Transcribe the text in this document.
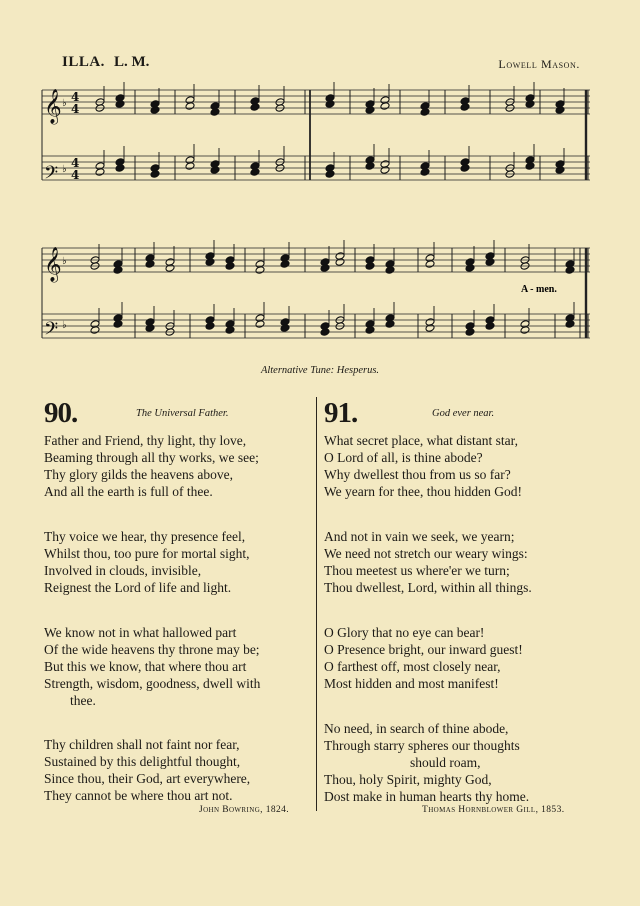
ILLA. L. M.	Lowell Mason.
𝄞
𝄢
𝄞
𝄢
♭
♭
♭
♭
4
4
4
4
A - men.
Alternative Tune: Hesperus.
90.	The Universal Father.
Father and Friend, thy light, thy love,
Beaming through all thy works, we see;
Thy glory gilds the heavens above,
And all the earth is full of thee.
Thy voice we hear, thy presence feel,
Whilst thou, too pure for mortal sight,
Involved in clouds, invisible,
Reignest the Lord of life and light.
We know not in what hallowed part
Of the wide heavens thy throne may be;
But this we know, that where thou art
Strength, wisdom, goodness, dwell with
thee.
Thy children shall not faint nor fear,
Sustained by this delightful thought,
Since thou, their God, art everywhere,
They cannot be where thou art not.
John Bowring, 1824.
91.	God ever near.
What secret place, what distant star,
O Lord of all, is thine abode?
Why dwellest thou from us so far?
We yearn for thee, thou hidden God!
And not in vain we seek, we yearn;
We need not stretch our weary wings:
Thou meetest us where'er we turn;
Thou dwellest, Lord, within all things.
O Glory that no eye can bear!
O Presence bright, our inward guest!
O farthest off, most closely near,
Most hidden and most manifest!
No need, in search of thine abode,
Through starry spheres our thoughts
should roam,
Thou, holy Spirit, mighty God,
Dost make in human hearts thy home.
Thomas Hornblower Gill, 1853.
